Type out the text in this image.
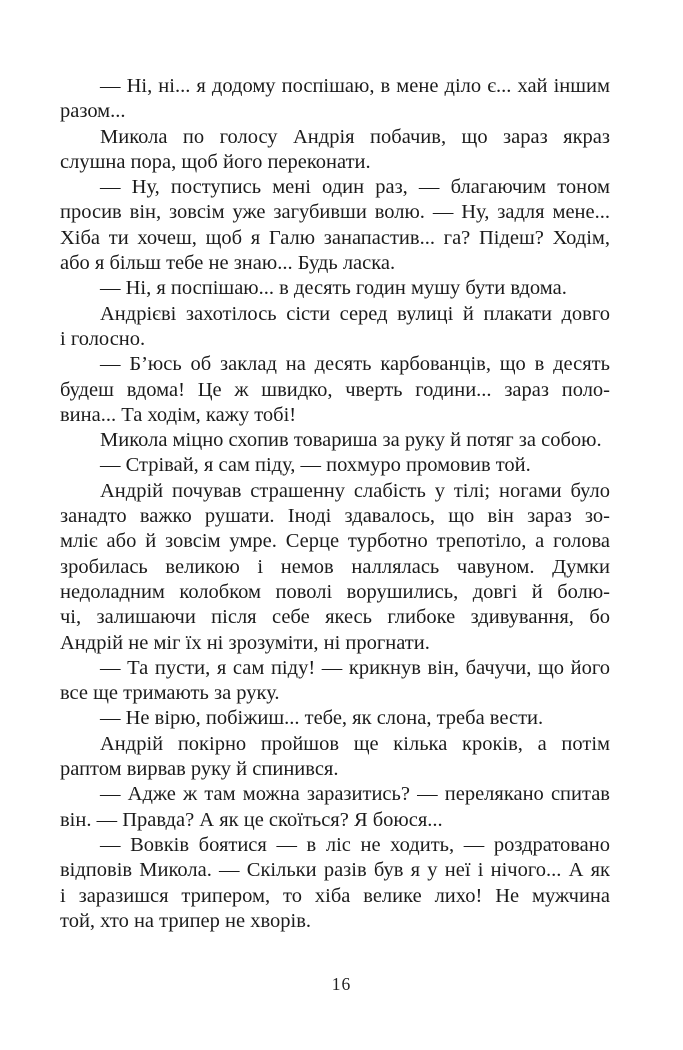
— Ні, ні... я додому поспішаю, в мене діло є... хай іншим
разом...
Микола по голосу Андрія побачив, що зараз якраз
слушна пора, щоб його переконати.
— Ну, поступись мені один раз, — благаючим тоном
просив він, зовсім уже загубивши волю. — Ну, задля мене...
Хіба ти хочеш, щоб я Галю занапастив... га? Підеш? Ходім,
або я більш тебе не знаю... Будь ласка.
— Ні, я поспішаю... в десять годин мушу бути вдома.
Андрієві захотілось сісти серед вулиці й плакати довго
і голосно.
— Б’юсь об заклад на десять карбованців, що в десять
будеш вдома! Це ж швидко, чверть години... зараз поло-
вина... Та ходім, кажу тобі!
Микола міцно схопив товариша за руку й потяг за собою.
— Стрівай, я сам піду, — похмуро промовив той.
Андрій почував страшенну слабість у тілі; ногами було
занадто важко рушати. Іноді здавалось, що він зараз зо-
мліє або й зовсім умре. Серце турботно трепотіло, а голова
зробилась великою і немов наллялась чавуном. Думки
недоладним колобком поволі ворушились, довгі й болю-
чі, залишаючи після себе якесь глибоке здивування, бо
Андрій не міг їх ні зрозуміти, ні прогнати.
— Та пусти, я сам піду! — крикнув він, бачучи, що його
все ще тримають за руку.
— Не вірю, побіжиш... тебе, як слона, треба вести.
Андрій покірно пройшов ще кілька кроків, а потім
раптом вирвав руку й спинився.
— Адже ж там можна заразитись? — перелякано спитав
він. — Правда? А як це скоїться? Я боюся...
— Вовків боятися — в ліс не ходить, — роздратовано
відповів Микола. — Скільки разів був я у неї і нічого... А як
і заразишся трипером, то хіба велике лихо! Не мужчина
той, хто на трипер не хворів.
16
